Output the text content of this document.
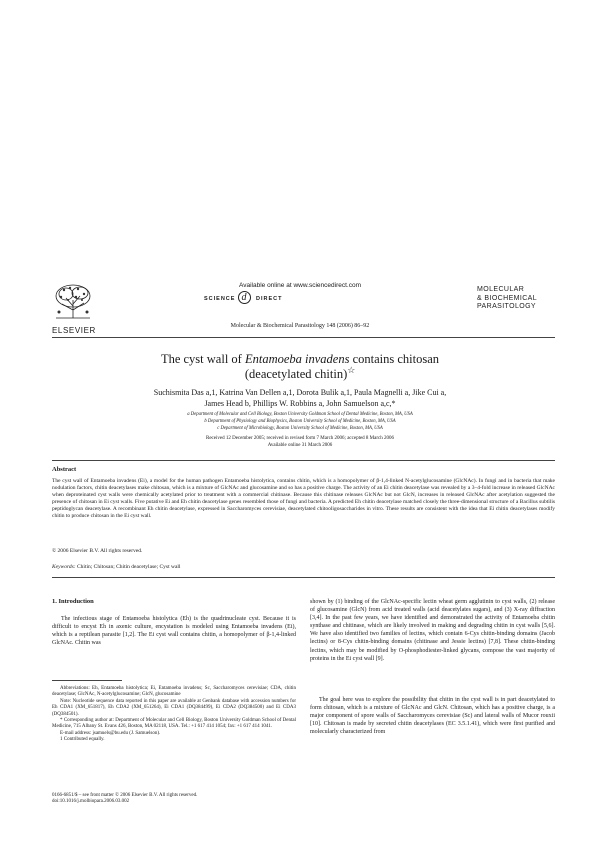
ELSEVIER
Available online at www.sciencedirect.com
SCIENCE d	DIRECT
Molecular & Biochemical Parasitology 148 (2006) 86–92
MOLECULAR
& BIOCHEMICAL
PARASITOLOGY
The cyst wall of Entamoeba invadens contains chitosan
(deacetylated chitin)☆
Suchismita Das a,1, Katrina Van Dellen a,1, Dorota Bulik a,1, Paula Magnelli a, Jike Cui a,
James Head b, Phillips W. Robbins a, John Samuelson a,c,*
a Department of Molecular and Cell Biology, Boston University Goldman School of Dental Medicine, Boston, MA, USA
b Department of Physiology and Biophysics, Boston University School of Medicine, Boston, MA, USA
c Department of Microbiology, Boston University School of Medicine, Boston, MA, USA
Received 12 December 2005; received in revised form 7 March 2006; accepted 8 March 2006
Available online 31 March 2006
Abstract
The cyst wall of Entamoeba invadens (Ei), a model for the human pathogen Entamoeba histolytica, contains chitin, which is a homopolymer of β-1,4-linked N-acetylglucosamine (GlcNAc). In fungi and in bacteria that make nodulation factors, chitin deacetylases make chitosan, which is a mixture of GlcNAc and glucosamine and so has a positive charge. The activity of an Ei chitin deacetylase was revealed by a 3–4-fold increase in released GlcNAc when deproteinated cyst walls were chemically acetylated prior to treatment with a commercial chitinase. Because this chitinase releases GlcNAc but not GlcN, increases in released GlcNAc after acetylation suggested the presence of chitosan in Ei cyst walls. Five putative Ei and Eh chitin deacetylase genes resembled those of fungi and bacteria. A predicted Eh chitin deacetylase matched closely the three-dimensional structure of a Bacillus subtilis peptidoglycan deacetylase. A recombinant Eh chitin deacetylase, expressed in Saccharomyces cerevisiae, deacetylated chitooligosaccharides in vitro. These results are consistent with the idea that Ei chitin deacetylases modify chitin to produce chitosan in the Ei cyst wall.
© 2006 Elsevier B.V. All rights reserved.
Keywords: Chitin; Chitosan; Chitin deacetylase; Cyst wall
1. Introduction
The infectious stage of Entamoeba histolytica (Eh) is the quadrinucleate cyst. Because it is difficult to encyst Eh in axenic culture, encystation is modeled using Entamoeba invadens (Ei), which is a reptilean parasite [1,2]. The Ei cyst wall contains chitin, a homopolymer of β-1,4-linked GlcNAc. Chitin was
shown by (1) binding of the GlcNAc-specific lectin wheat germ agglutinin to cyst walls, (2) release of glucosamine (GlcN) from acid treated walls (acid deacetylates sugars), and (3) X-ray diffraction [3,4]. In the past few years, we have identified and demonstrated the activity of Entamoeba chitin synthase and chitinase, which are likely involved in making and degrading chitin in cyst walls [5,6]. We have also identified two families of lectins, which contain 6-Cys chitin-binding domains (Jacob lectins) or 8-Cys chitin-binding domains (chitinase and Jessie lectins) [7,8]. These chitin-binding lectins, which may be modified by O-phosphodiester-linked glycans, compose the vast majority of proteins in the Ei cyst wall [9].
The goal here was to explore the possibility that chitin in the cyst wall is in part deacetylated to form chitosan, which is a mixture of GlcNAc and GlcN. Chitosan, which has a positive charge, is a major component of spore walls of Saccharomyces cerevisiae (Sc) and lateral walls of Mucor rouxii [10]. Chitosan is made by secreted chitin deacetylases (EC 3.5.1.41), which were first purified and molecularly characterized from
Abbreviations: Eh, Entamoeba histolytica; Ei, Entamoeba invadens; Sc, Saccharomyces cerevisiae; CDA, chitin deacetylase; GlcNAc, N-acetylglucosamine; GlcN, glucosamine
Note: Nucleotide sequence data reported in this paper are available at Genbank database with accession numbers for Eh CDA1 (XM_651817), Eh CDA2 (XM_651264), Ei CDA1 (DQ384499), Ei CDA2 (DQ384500) and Ei CDA3 (DQ384501).
* Corresponding author at: Department of Molecular and Cell Biology, Boston University Goldman School of Dental Medicine, 715 Albany St. Evans 426, Boston, MA 02118, USA. Tel.: +1 617 414 1054; fax: +1 617 414 1041.
E-mail address: jsamuels@bu.edu (J. Samuelson).
1 Contributed equally.
0166-6851/$ – see front matter © 2006 Elsevier B.V. All rights reserved.
doi:10.1016/j.molbiopara.2006.03.002
